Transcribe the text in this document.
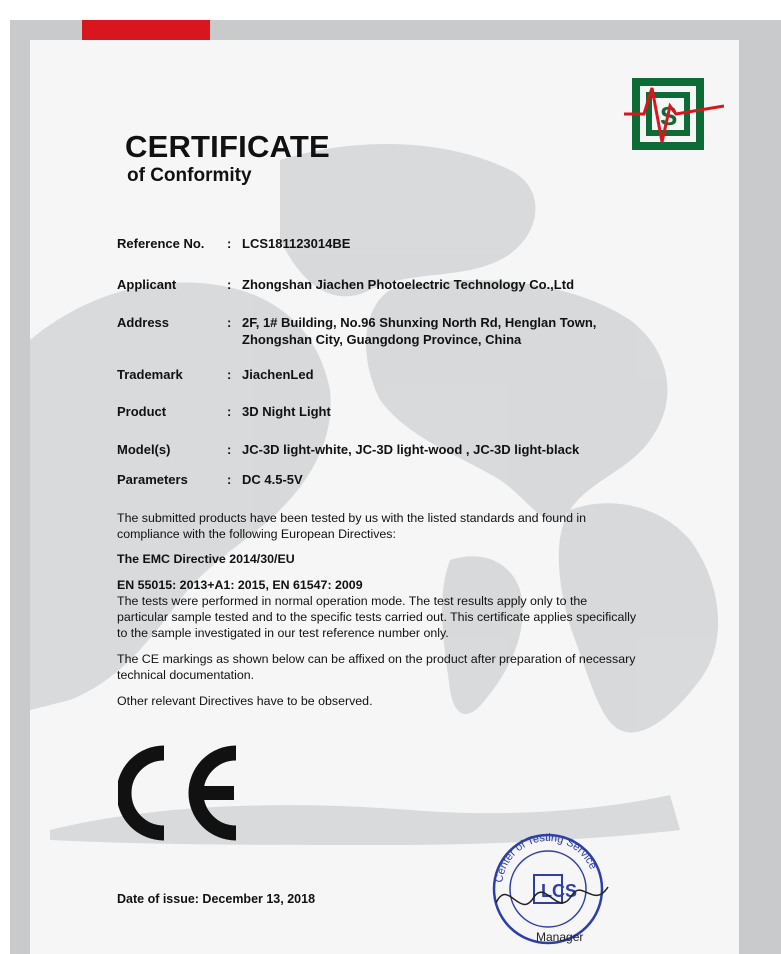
S
CERTIFICATE
of Conformity
Reference No.	: LCS181123014BE
Applicant	: Zhongshan Jiachen Photoelectric Technology Co.,Ltd
Address	: 2F, 1# Building, No.96 Shunxing North Rd, Henglan Town,
Zhongshan City, Guangdong Province, China
Trademark	: JiachenLed
Product	: 3D Night Light
Model(s)	: JC-3D light-white, JC-3D light-wood , JC-3D light-black
Parameters	: DC 4.5-5V

The submitted products have been tested by us with the listed standards and found in compliance with the following European Directives:

The EMC Directive 2014/30/EU

EN 55015: 2013+A1: 2015, EN 61547: 2009

The tests were performed in normal operation mode. The test results apply only to the particular sample tested and to the specific tests carried out. This certificate applies specifically to the sample investigated in our test reference number only.

The CE markings as shown below can be affixed on the product after preparation of necessary technical documentation.

Other relevant Directives have to be observed.

Date of issue: December 13, 2018
Center of Testing Service
LCS
Manager
